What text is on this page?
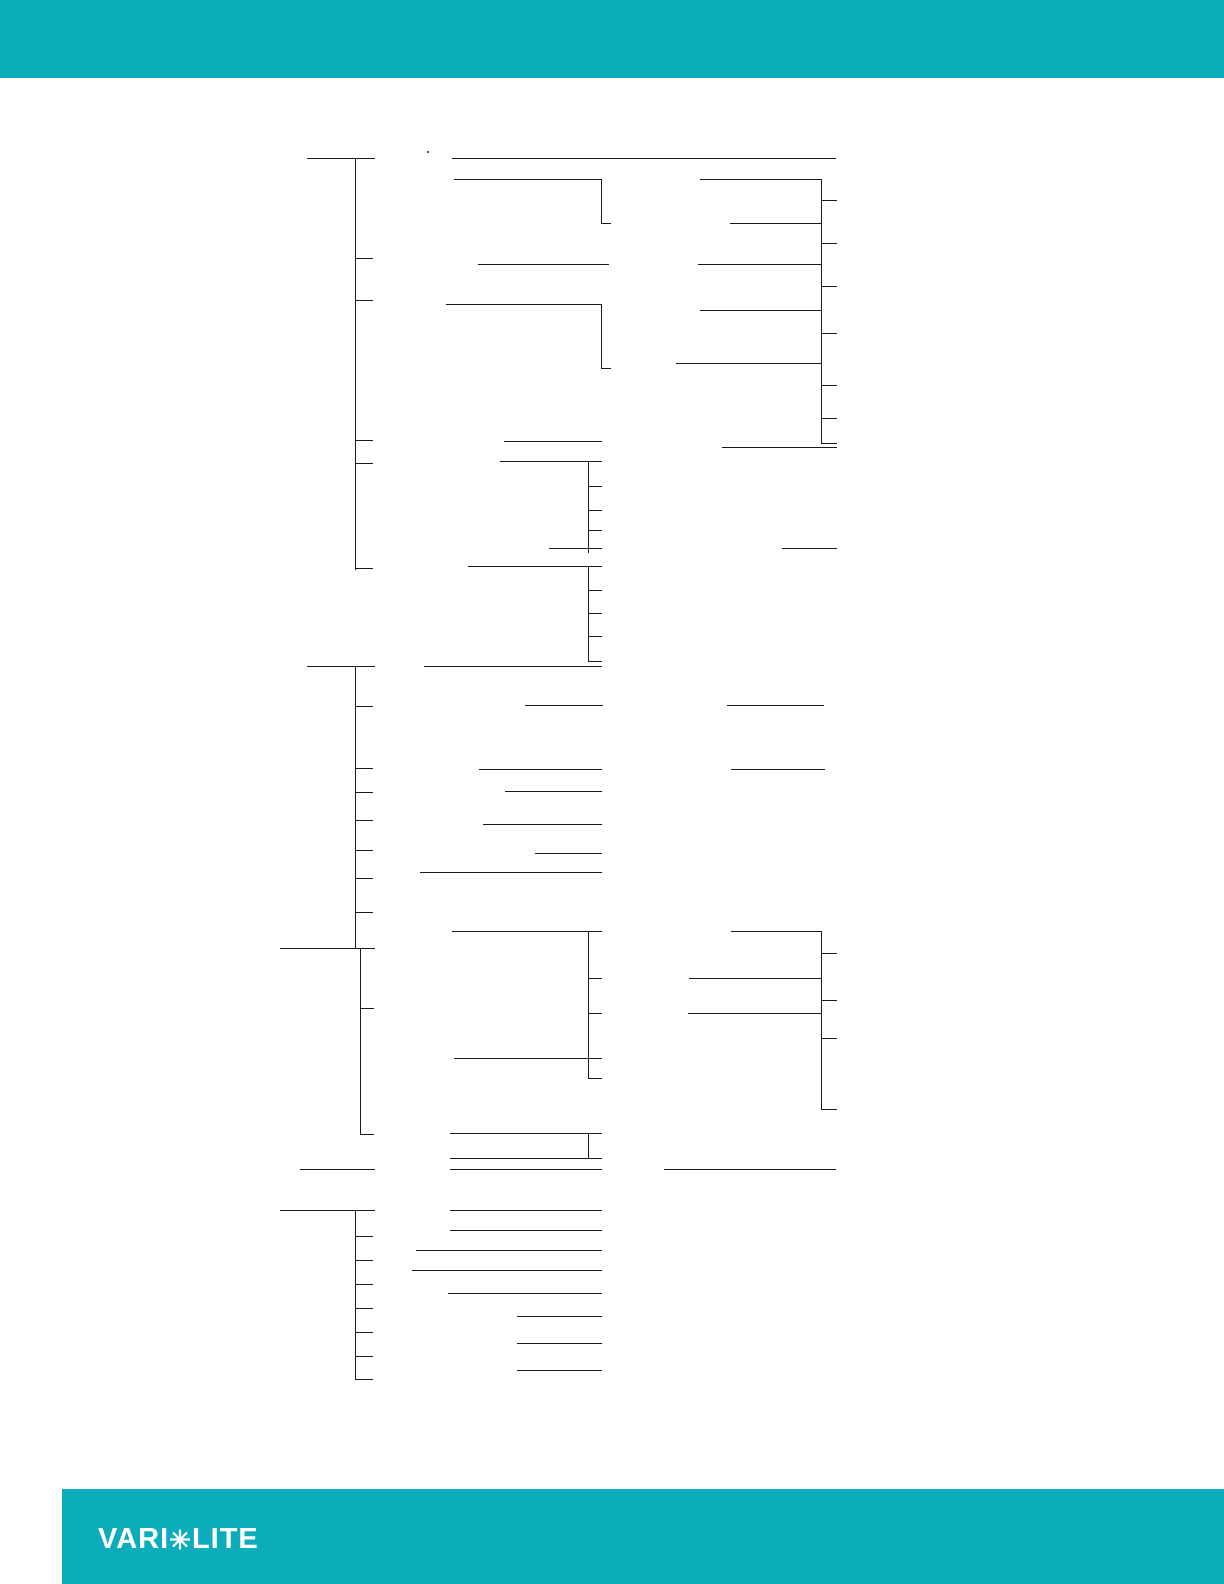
VARI✳LITE
